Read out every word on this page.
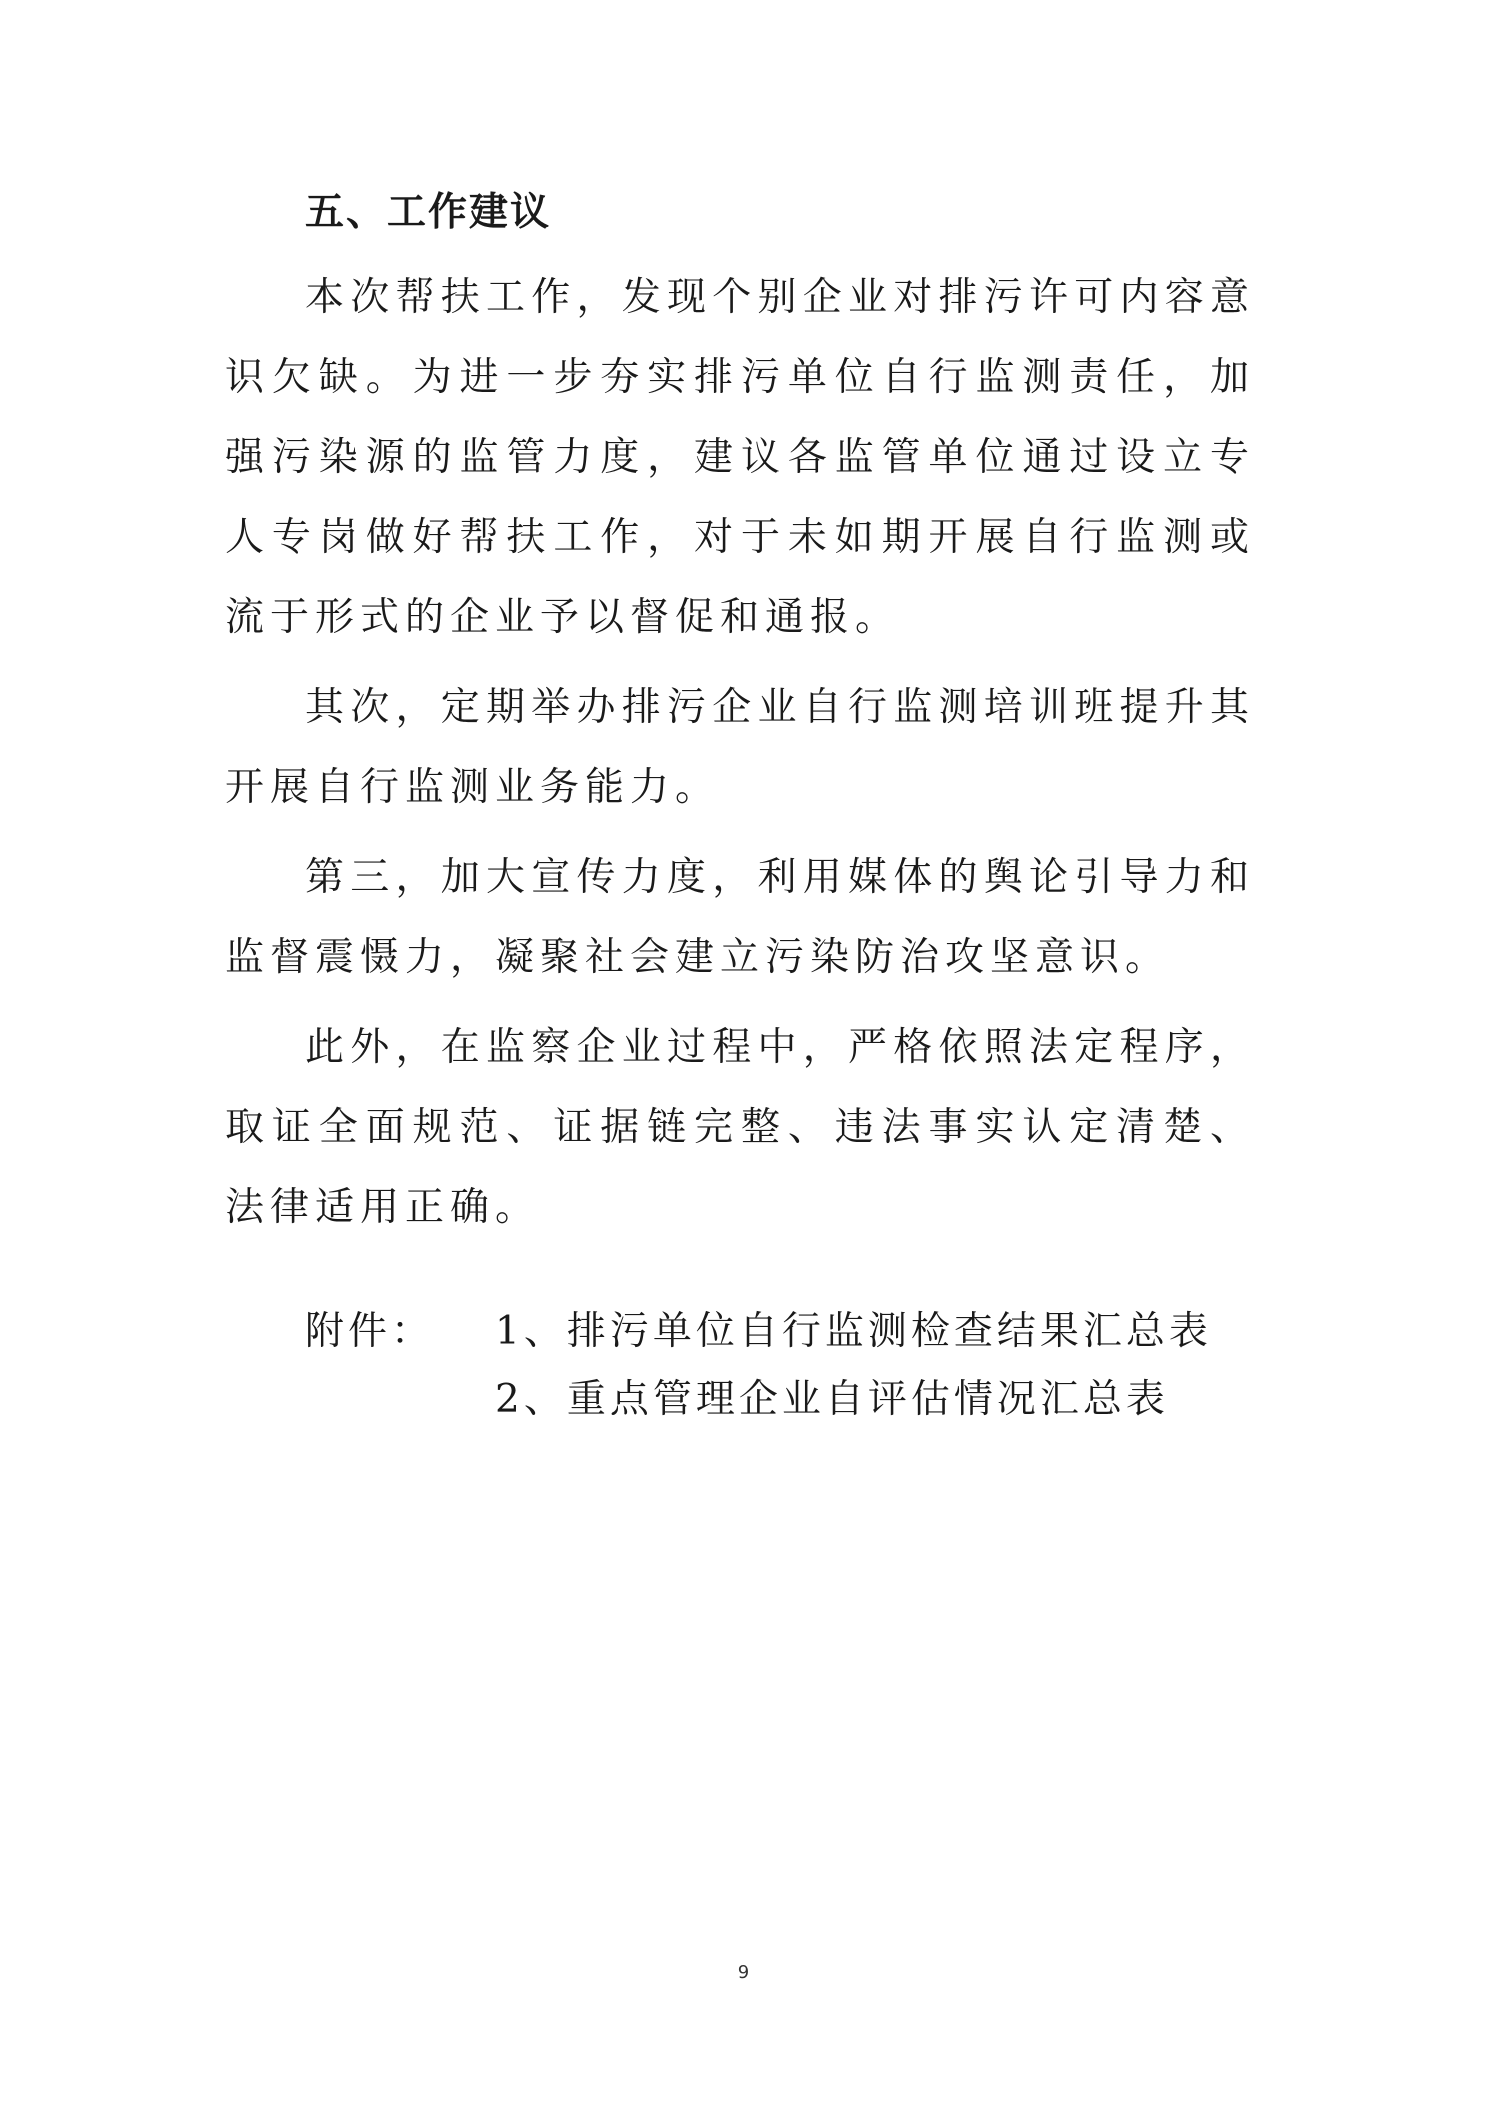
五、工作建议

本次帮扶工作，发现个别企业对排污许可内容意识欠缺。为进一步夯实排污单位自行监测责任，加强污染源的监管力度，建议各监管单位通过设立专人专岗做好帮扶工作，对于未如期开展自行监测或流于形式的企业予以督促和通报。

其次，定期举办排污企业自行监测培训班提升其开展自行监测业务能力。

第三，加大宣传力度，利用媒体的舆论引导力和监督震慑力，凝聚社会建立污染防治攻坚意识。

此外，在监察企业过程中，严格依照法定程序，取证全面规范、证据链完整、违法事实认定清楚、法律适用正确。

附件：	1、排污单位自行监测检查结果汇总表
2、重点管理企业自评估情况汇总表
9
